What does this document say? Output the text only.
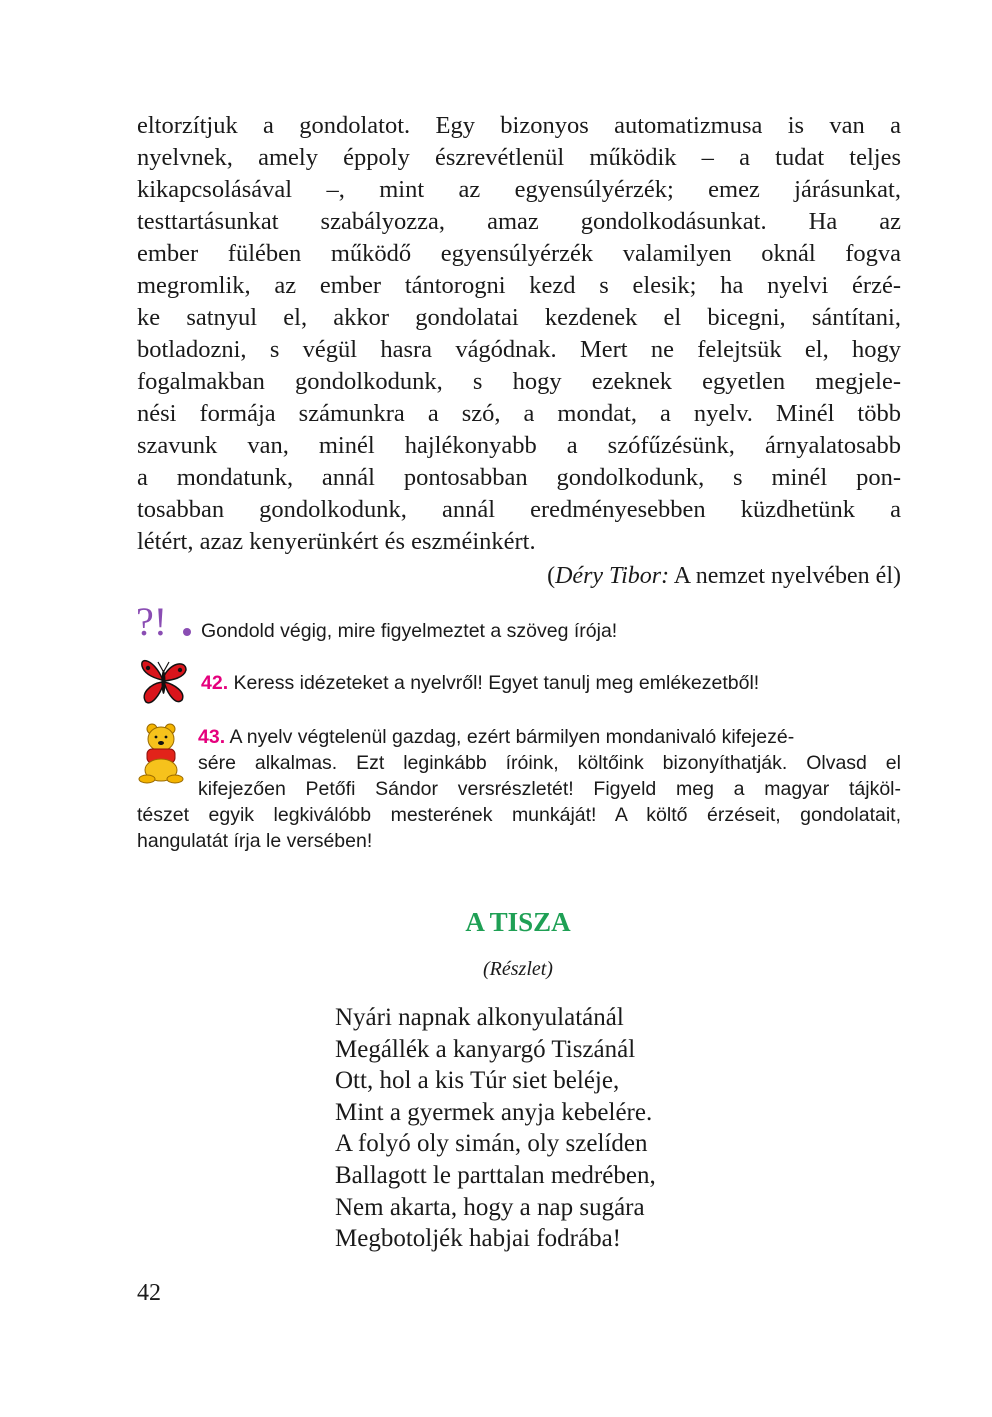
eltorzítjuk a gondolatot. Egy bizonyos automatizmusa is van a
nyelvnek, amely éppoly észrevétlenül működik – a tudat teljes
kikapcsolásával –, mint az egyensúlyérzék; emez járásunkat,
testtartásunkat szabályozza, amaz gondolkodásunkat. Ha az
ember fülében működő egyensúlyérzék valamilyen oknál fogva
megromlik, az ember tántorogni kezd s elesik; ha nyelvi érzé-
ke satnyul el, akkor gondolatai kezdenek el bicegni, sántítani,
botladozni, s végül hasra vágódnak. Mert ne felejtsük el, hogy
fogalmakban gondolkodunk, s hogy ezeknek egyetlen megjele-
nési formája számunkra a szó, a mondat, a nyelv. Minél több
szavunk van, minél hajlékonyabb a szófűzésünk, árnyalatosabb
a mondatunk, annál pontosabban gondolkodunk, s minél pon-
tosabban gondolkodunk, annál eredményesebben küzdhetünk a
létért, azaz kenyerünkért és eszméinkért.
(Déry Tibor: A nemzet nyelvében él)
?! Gondold végig, mire figyelmeztet a szöveg írója!
42. Keress idézeteket a nyelvről! Egyet tanulj meg emlékezetből!
43. A nyelv végtelenül gazdag, ezért bármilyen mondanivaló kifejezé-
sére alkalmas. Ezt leginkább íróink, költőink bizonyíthatják. Olvasd el
kifejezően Petőfi Sándor versrészletét! Figyeld meg a magyar tájköl-
tészet egyik legkiválóbb mesterének munkáját! A költő érzéseit, gondolatait,
hangulatát írja le versében!
A TISZA
(Részlet)
Nyári napnak alkonyulatánál
Megállék a kanyargó Tiszánál
Ott, hol a kis Túr siet beléje,
Mint a gyermek anyja kebelére.
A folyó oly simán, oly szelíden
Ballagott le parttalan medrében,
Nem akarta, hogy a nap sugára
Megbotoljék habjai fodrába!
42
